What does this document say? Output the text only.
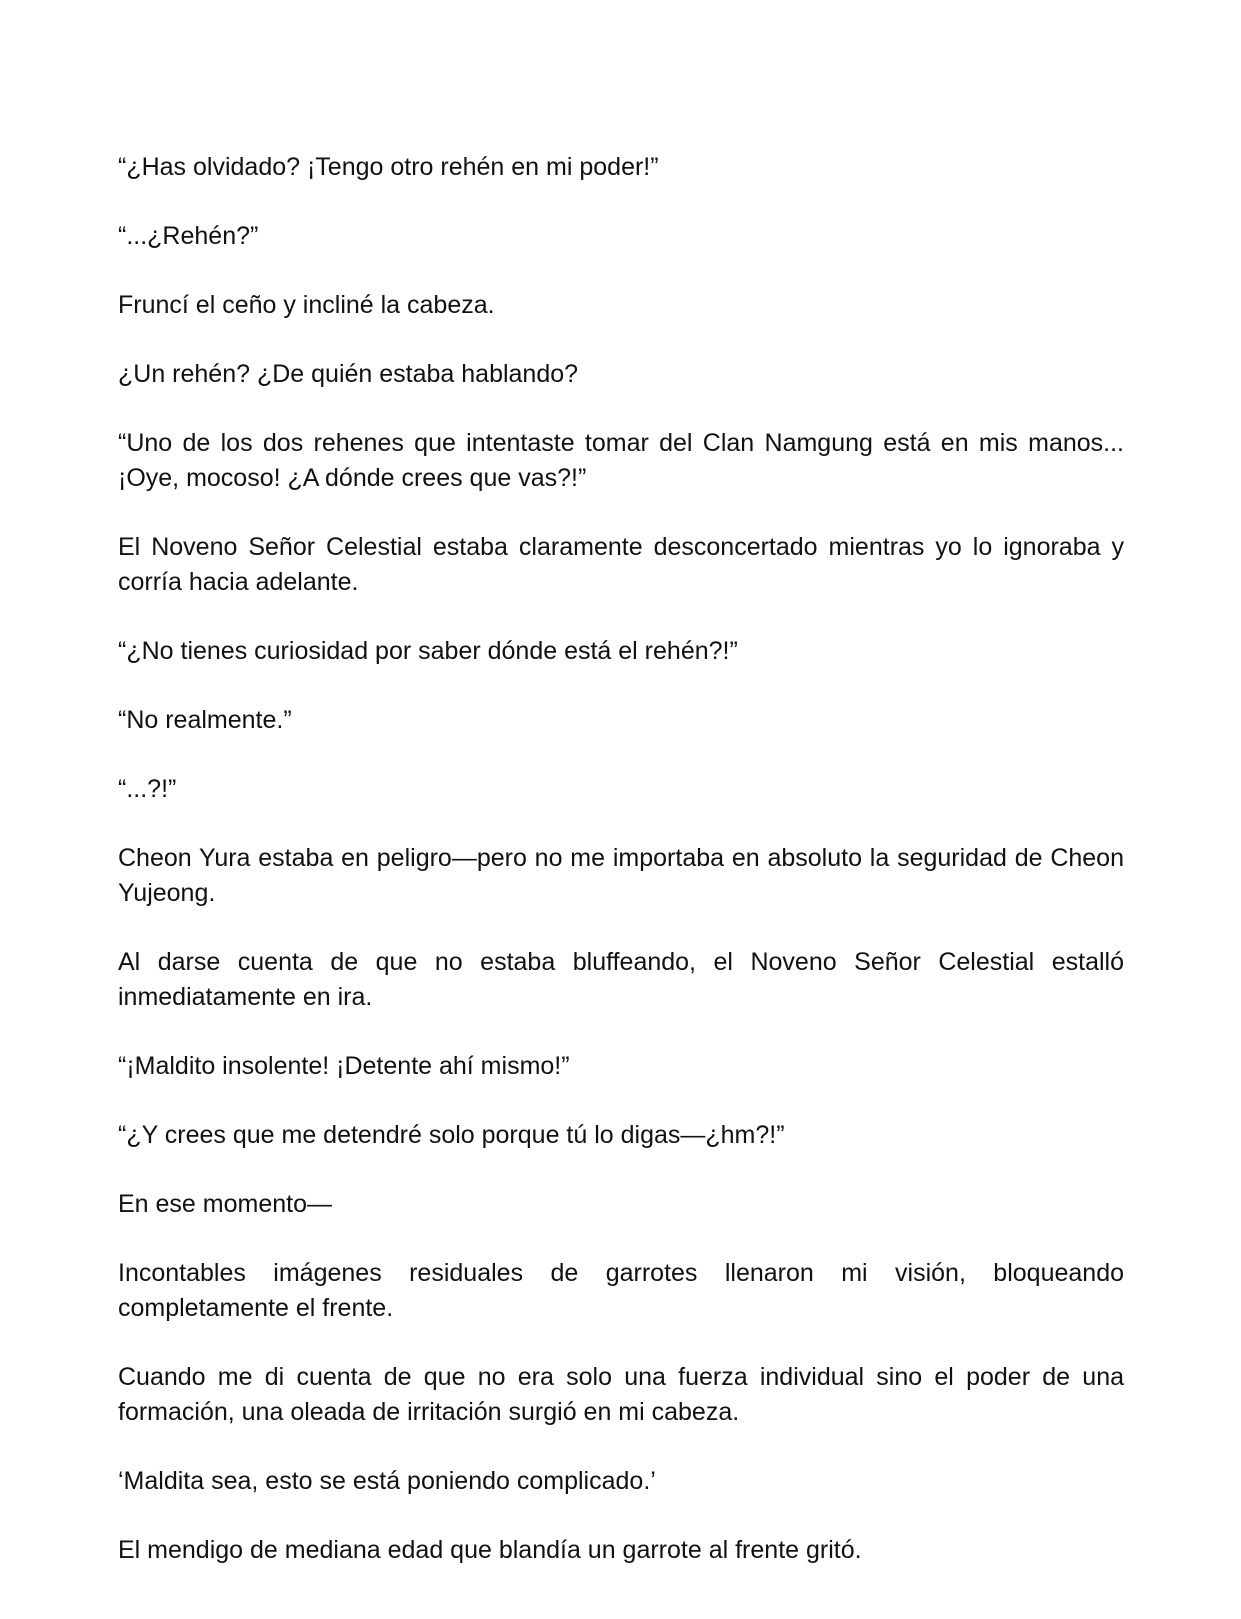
“¿Has olvidado? ¡Tengo otro rehén en mi poder!”

“...¿Rehén?”

Fruncí el ceño y incliné la cabeza.

¿Un rehén? ¿De quién estaba hablando?

“Uno de los dos rehenes que intentaste tomar del Clan Namgung está en mis manos... ¡Oye, mocoso! ¿A dónde crees que vas?!”

El Noveno Señor Celestial estaba claramente desconcertado mientras yo lo ignoraba y corría hacia adelante.

“¿No tienes curiosidad por saber dónde está el rehén?!”

“No realmente.”

“...?!”

Cheon Yura estaba en peligro—pero no me importaba en absoluto la seguridad de Cheon Yujeong.

Al darse cuenta de que no estaba bluffeando, el Noveno Señor Celestial estalló inmediatamente en ira.

“¡Maldito insolente! ¡Detente ahí mismo!”

“¿Y crees que me detendré solo porque tú lo digas—¿hm?!”

En ese momento—

Incontables imágenes residuales de garrotes llenaron mi visión, bloqueando completamente el frente.

Cuando me di cuenta de que no era solo una fuerza individual sino el poder de una formación, una oleada de irritación surgió en mi cabeza.

‘Maldita sea, esto se está poniendo complicado.’

El mendigo de mediana edad que blandía un garrote al frente gritó.
